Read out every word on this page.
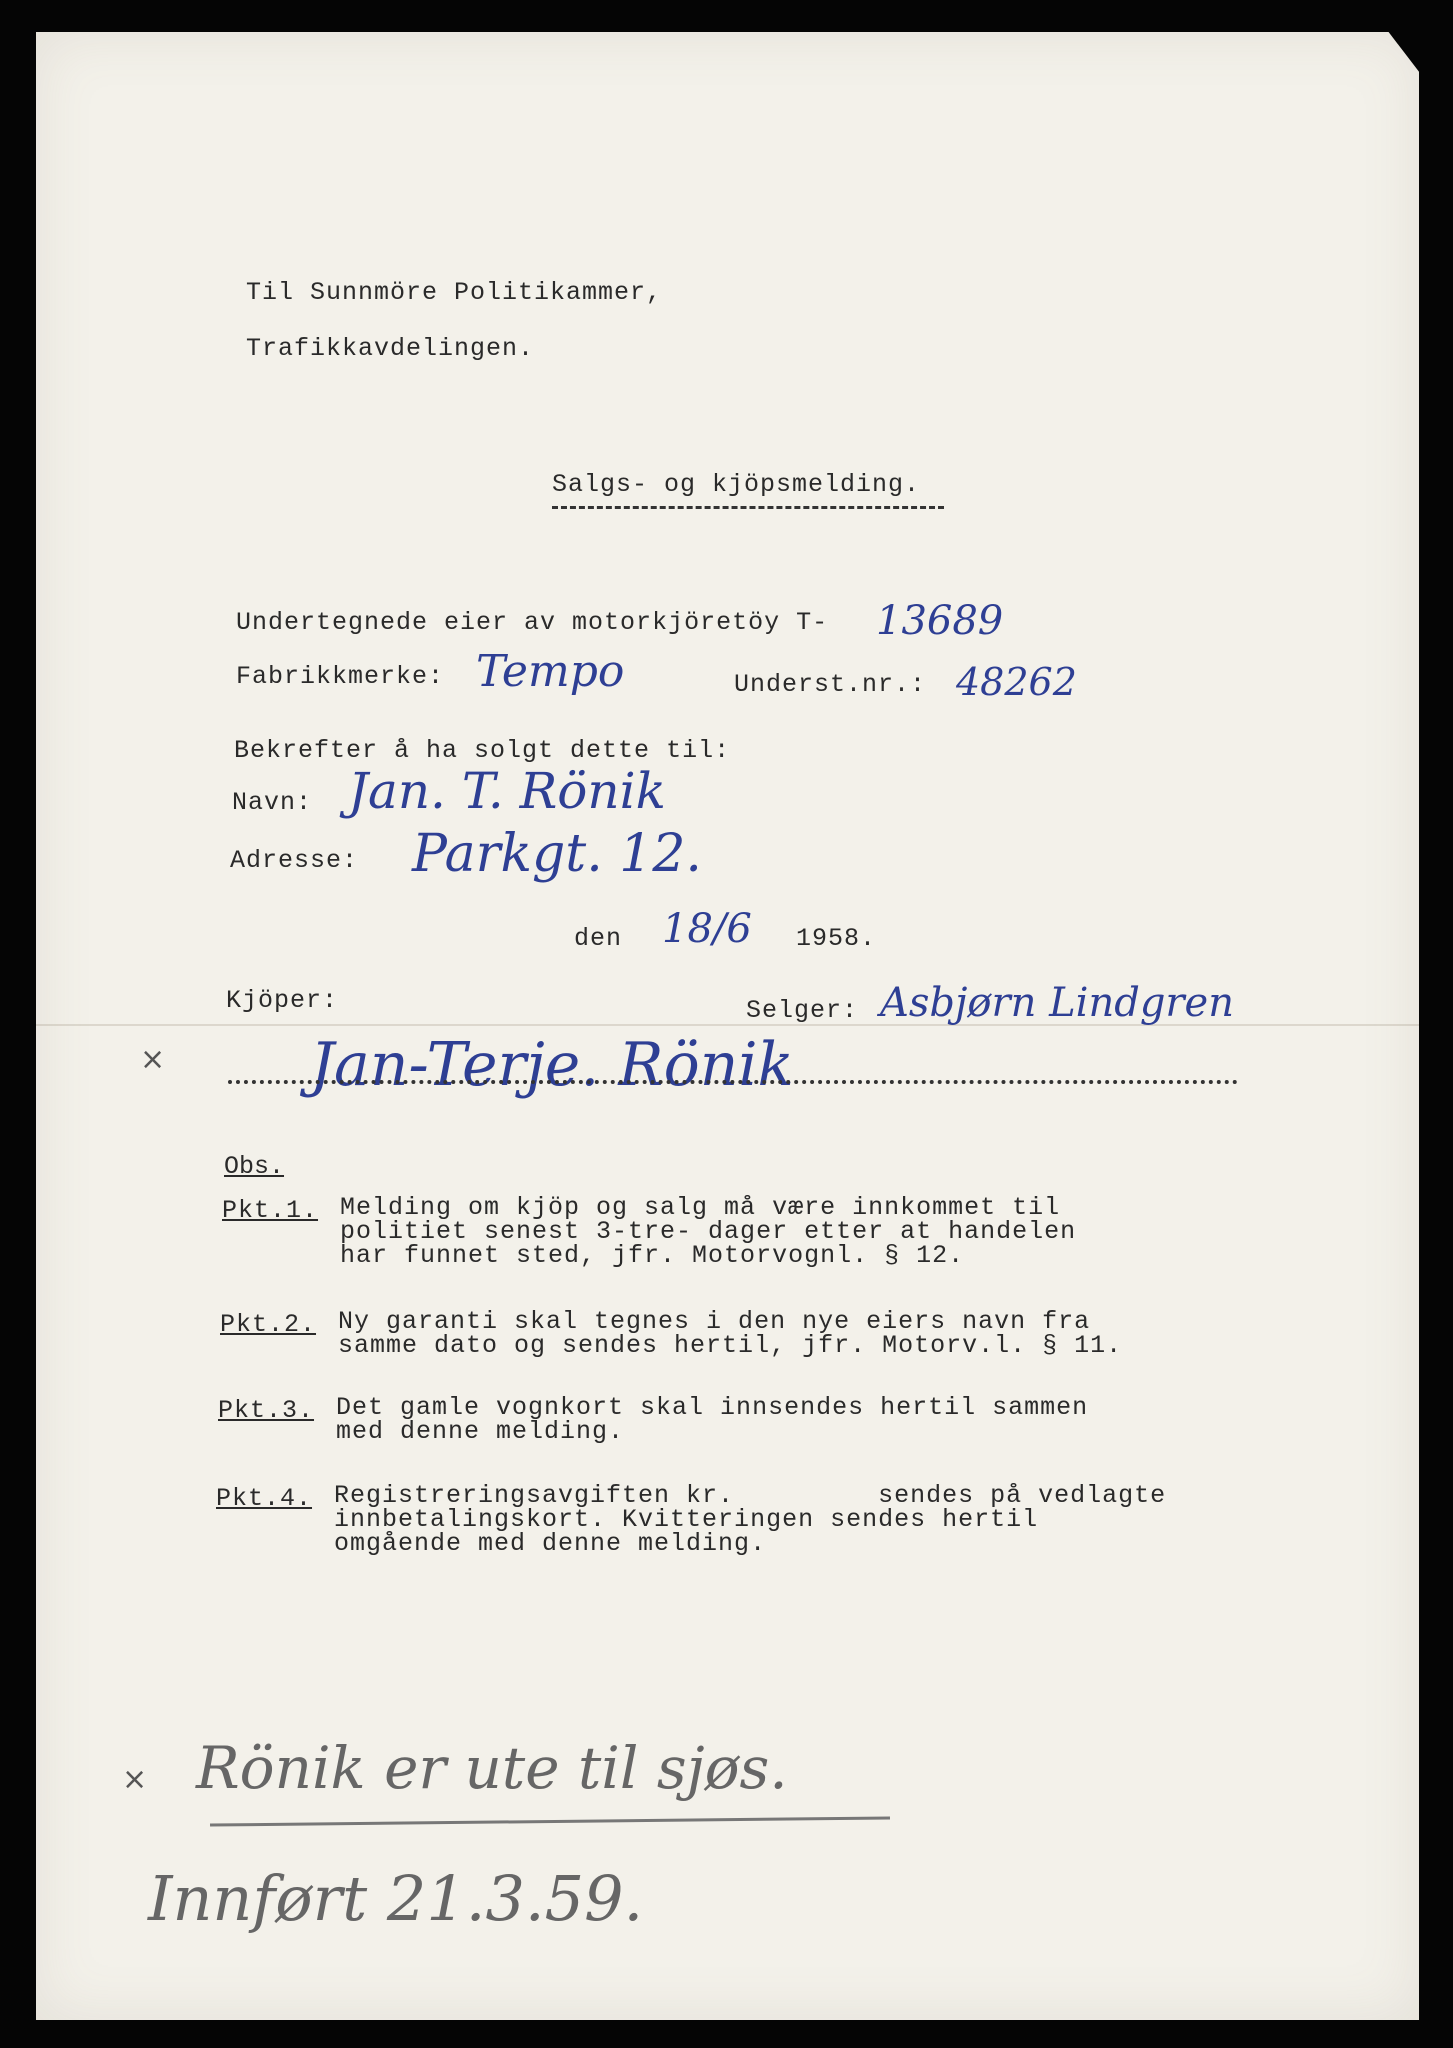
Til Sunnmöre Politikammer,
Trafikkavdelingen.
Salgs- og kjöpsmelding.
Undertegnede eier av motorkjöretöy T- 13689
Fabrikkmerke: Tempo	Underst.nr.: 48262
Bekrefter å ha solgt dette til:
Navn: Jan. T. Rönik
Adresse: Parkgt. 12.
den 18/6 1958.
Kjöper:	Selger: Asbjørn Lindgren
× Jan-Terje. Rönik
Obs.
Pkt.1. Melding om kjöp og salg må være innkommet til
politiet senest 3-tre- dager etter at handelen
har funnet sted, jfr. Motorvognl. § 12.
Pkt.2. Ny garanti skal tegnes i den nye eiers navn fra
samme dato og sendes hertil, jfr. Motorv.l. § 11.
Pkt.3. Det gamle vognkort skal innsendes hertil sammen
med denne melding.
Pkt.4. Registreringsavgiften kr.         sendes på vedlagte
innbetalingskort. Kvitteringen sendes hertil
omgående med denne melding.
× Rönik er ute til sjøs.
Innført 21.3.59.
